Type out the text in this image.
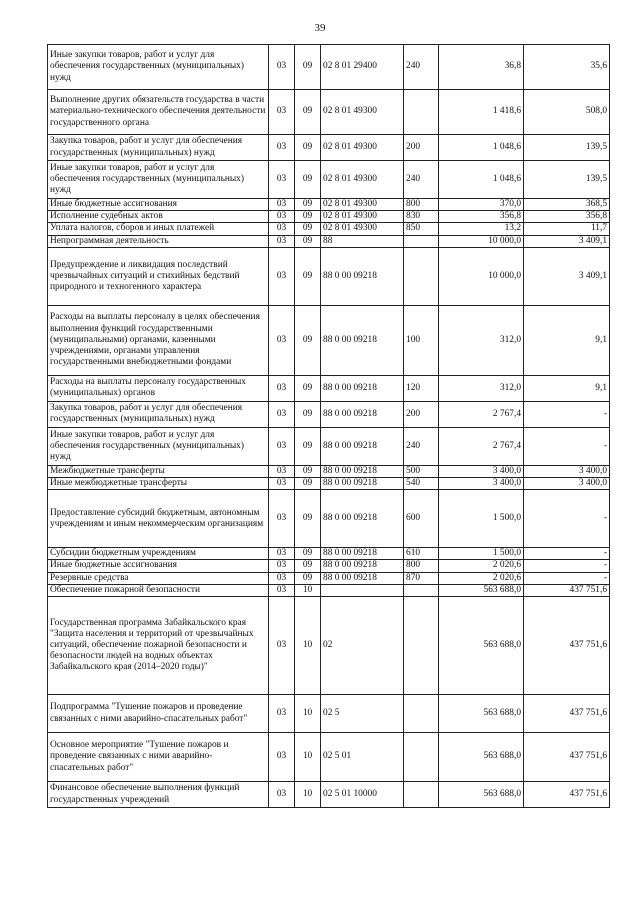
39
Иные закупки товаров, работ и услуг для обеспечения государственных (муниципальных) нужд	03	09	02 8 01 29400	240	36,8	35,6
Выполнение других обязательств государства в части материально-технического обеспечения деятельности государственного органа	03	09	02 8 01 49300		1 418,6	508,0
Закупка товаров, работ и услуг для обеспечения государственных (муниципальных) нужд	03	09	02 8 01 49300	200	1 048,6	139,5
Иные закупки товаров, работ и услуг для обеспечения государственных (муниципальных) нужд	03	09	02 8 01 49300	240	1 048,6	139,5
Иные бюджетные ассигнования	03	09	02 8 01 49300	800	370,0	368,5
Исполнение судебных актов	03	09	02 8 01 49300	830	356,8	356,8
Уплата налогов, сборов и иных платежей	03	09	02 8 01 49300	850	13,2	11,7
Непрограммная деятельность	03	09	88		10 000,0	3 409,1
Предупреждение и ликвидация последствий чрезвычайных ситуаций и стихийных бедствий природного и техногенного характера	03	09	88 0 00 09218		10 000,0	3 409,1
Расходы на выплаты персоналу в целях обеспечения выполнения функций государственными (муниципальными) органами, казенными учреждениями, органами управления государственными внебюджетными фондами	03	09	88 0 00 09218	100	312,0	9,1
Расходы на выплаты персоналу государственных (муниципальных) органов	03	09	88 0 00 09218	120	312,0	9,1
Закупка товаров, работ и услуг для обеспечения государственных (муниципальных) нужд	03	09	88 0 00 09218	200	2 767,4	-
Иные закупки товаров, работ и услуг для обеспечения государственных (муниципальных) нужд	03	09	88 0 00 09218	240	2 767,4	-
Межбюджетные трансферты	03	09	88 0 00 09218	500	3 400,0	3 400,0
Иные межбюджетные трансферты	03	09	88 0 00 09218	540	3 400,0	3 400,0
Предоставление субсидий бюджетным, автономным учреждениям и иным некоммерческим организациям	03	09	88 0 00 09218	600	1 500,0	-
Субсидии бюджетным учреждениям	03	09	88 0 00 09218	610	1 500,0	-
Иные бюджетные ассигнования	03	09	88 0 00 09218	800	2 020,6	-
Резервные средства	03	09	88 0 00 09218	870	2 020,6	-
Обеспечение пожарной безопасности	03	10			563 688,0	437 751,6
Государственная программа Забайкальского края "Защита населения и территорий от чрезвычайных ситуаций, обеспечение пожарной безопасности и безопасности людей на водных объектах Забайкальского края (2014–2020 годы)"	03	10	02		563 688,0	437 751,6
Подпрограмма "Тушение пожаров и проведение связанных с ними аварийно-спасательных работ"	03	10	02 5		563 688,0	437 751,6
Основное мероприятие "Тушение пожаров и проведение связанных с ними аварийно-спасательных работ"	03	10	02 5 01		563 688,0	437 751,6
Финансовое обеспечение выполнения функций государственных учреждений	03	10	02 5 01 10000		563 688,0	437 751,6
